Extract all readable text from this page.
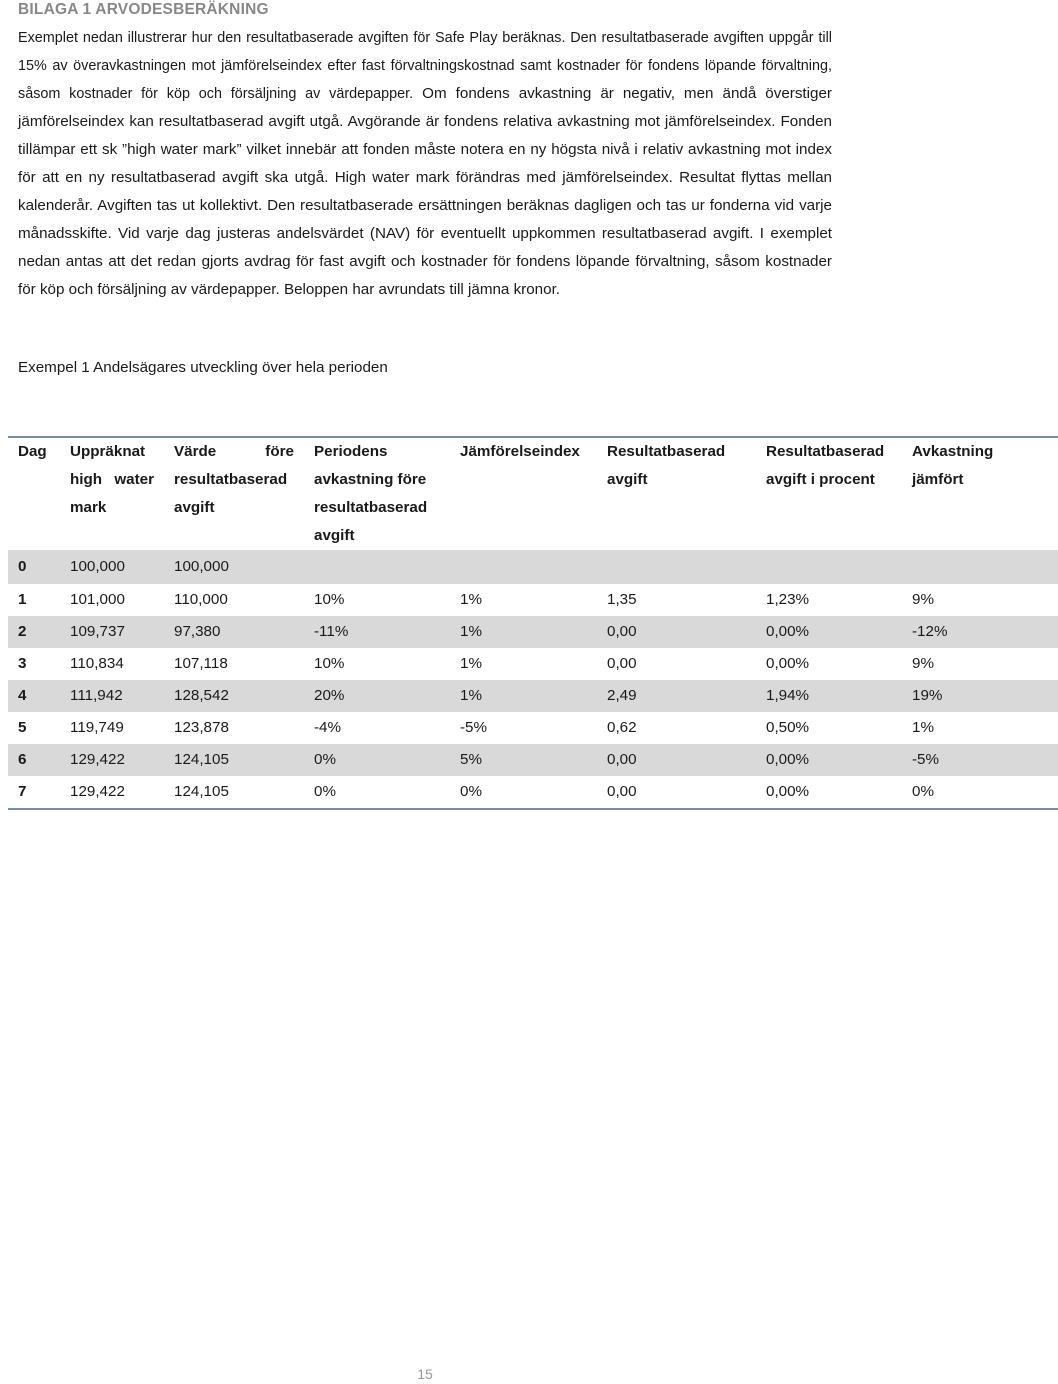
BILAGA 1 ARVODESBERÄKNING

Exemplet nedan illustrerar hur den resultatbaserade avgiften för Safe Play beräknas. Den resultatbaserade avgiften uppgår till 15% av överavkastningen mot jämförelseindex efter fast förvaltningskostnad samt kostnader för fondens löpande förvaltning, såsom kostnader för köp och försäljning av värdepapper. Om fondens avkastning är negativ, men ändå överstiger jämförelseindex kan resultatbaserad avgift utgå. Avgörande är fondens relativa avkastning mot jämförelseindex. Fonden tillämpar ett sk ”high water mark” vilket innebär att fonden måste notera en ny högsta nivå i relativ avkastning mot index för att en ny resultatbaserad avgift ska utgå. High water mark förändras med jämförelseindex. Resultat flyttas mellan kalenderår. Avgiften tas ut kollektivt. Den resultatbaserade ersättningen beräknas dagligen och tas ur fonderna vid varje månadsskifte. Vid varje dag justeras andelsvärdet (NAV) för eventuellt uppkommen resultatbaserad avgift. I exemplet nedan antas att det redan gjorts avdrag för fast avgift och kostnader för fondens löpande förvaltning, såsom kostnader för köp och försäljning av värdepapper. Beloppen har avrundats till jämna kronor.

Exempel 1 Andelsägares utveckling över hela perioden

Dag	Uppräknat high water mark	Värde före resultatbaserad avgift	Periodens avkastning före resultatbaserad avgift	Jämförelseindex	Resultatbaserad avgift	Resultatbaserad avgift i procent	Avkastning jämfört
0	100,000	100,000					
1	101,000	110,000	10%	1%	1,35	1,23%	9%
2	109,737	97,380	-11%	1%	0,00	0,00%	-12%
3	110,834	107,118	10%	1%	0,00	0,00%	9%
4	111,942	128,542	20%	1%	2,49	1,94%	19%
5	119,749	123,878	-4%	-5%	0,62	0,50%	1%
6	129,422	124,105	0%	5%	0,00	0,00%	-5%
7	129,422	124,105	0%	0%	0,00	0,00%	0%

15
